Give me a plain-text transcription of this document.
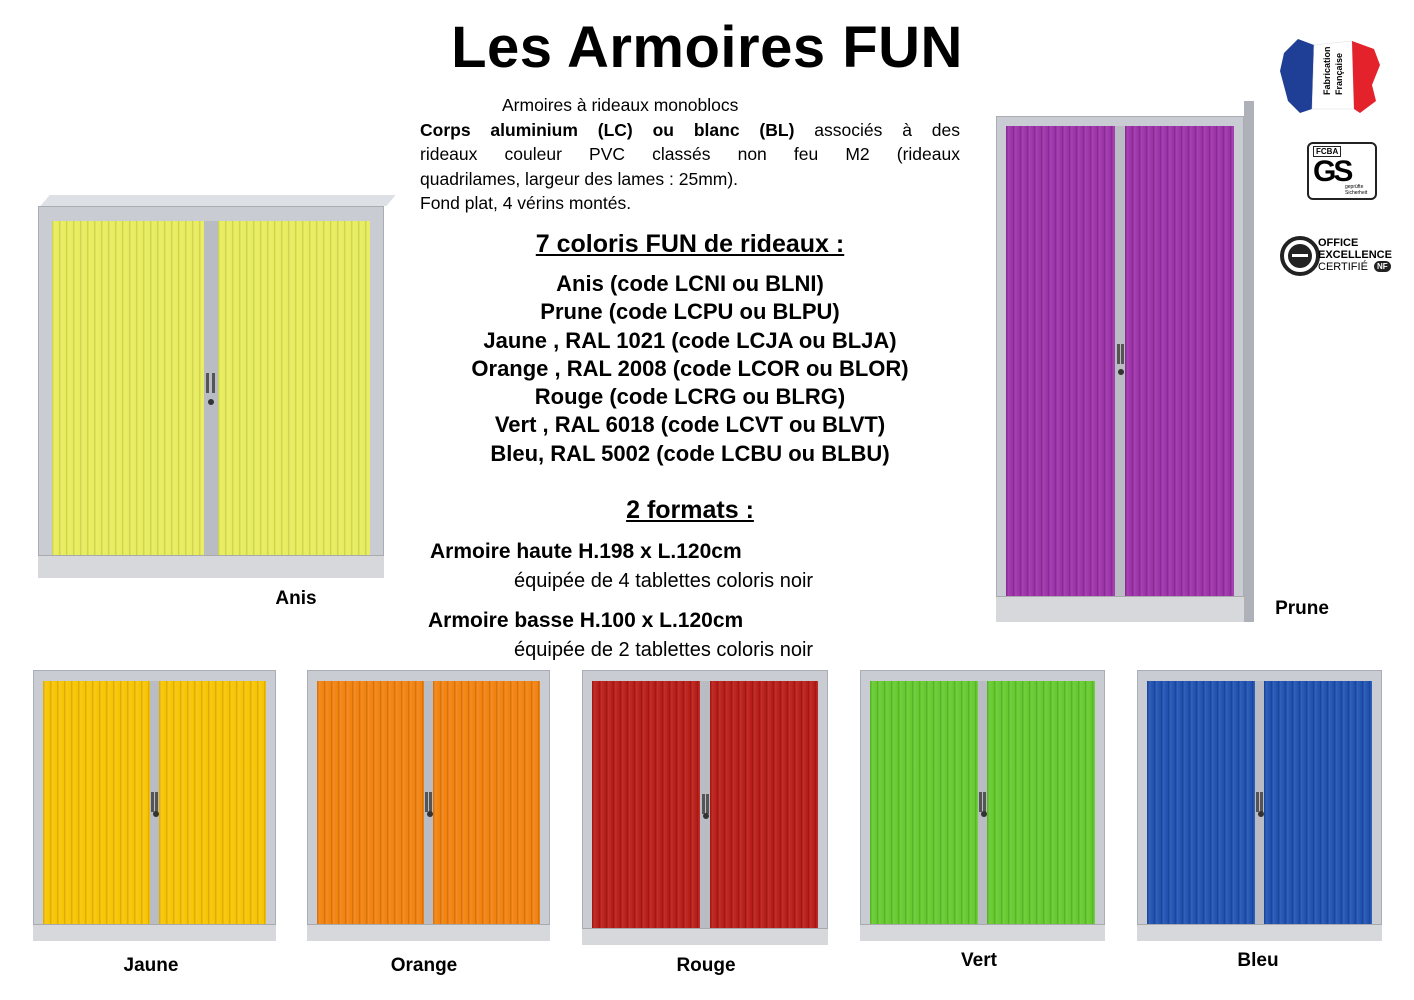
Les Armoires FUN
Armoires à rideaux monoblocs
Corps aluminium (LC) ou blanc (BL) associés à des
rideaux couleur PVC classés non feu M2 (rideaux
quadrilames, largeur des lames : 25mm).
Fond plat, 4 vérins montés.
7 coloris FUN de rideaux :
Anis (code LCNI ou BLNI)
Prune (code LCPU ou BLPU)
Jaune , RAL 1021 (code LCJA ou BLJA)
Orange , RAL 2008 (code LCOR ou BLOR)
Rouge (code LCRG ou BLRG)
Vert , RAL 6018 (code LCVT ou BLVT)
Bleu, RAL 5002 (code LCBU ou BLBU)
2 formats :
Armoire haute H.198 x L.120cm
équipée de 4 tablettes coloris noir
Armoire basse H.100 x L.120cm
équipée de 2 tablettes coloris noir
Anis	Prune
Jaune	Orange	Rouge	Vert	Bleu
Fabrication Française
FCBA
GS
geprüfte Sicherheit
OFFICE
EXCELLENCE
CERTIFIÉ	NF
